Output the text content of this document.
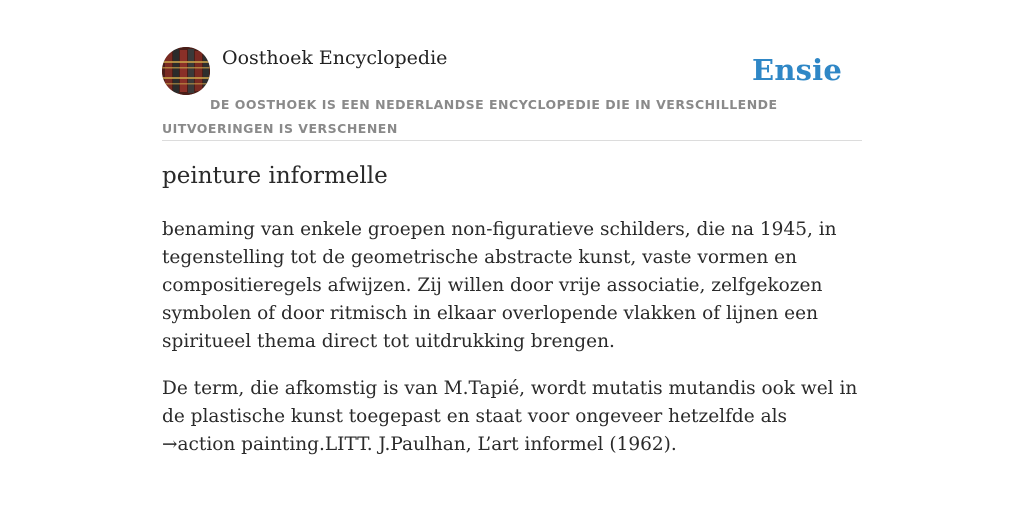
Oosthoek Encyclopedie	Ensie
DE OOSTHOEK IS EEN NEDERLANDSE ENCYCLOPEDIE DIE IN VERSCHILLENDE UITVOERINGEN IS VERSCHENEN
peinture informelle

benaming van enkele groepen non-figuratieve schilders, die na 1945, in tegenstelling tot de geometrische abstracte kunst, vaste vormen en compositieregels afwijzen. Zij willen door vrije associatie, zelfgekozen symbolen of door ritmisch in elkaar overlopende vlakken of lijnen een spiritueel thema direct tot uitdrukking brengen.

De term, die afkomstig is van M.Tapié, wordt mutatis mutandis ook wel in de plastische kunst toegepast en staat voor ongeveer hetzelfde als →action painting.LITT. J.Paulhan, L’art informel (1962).
